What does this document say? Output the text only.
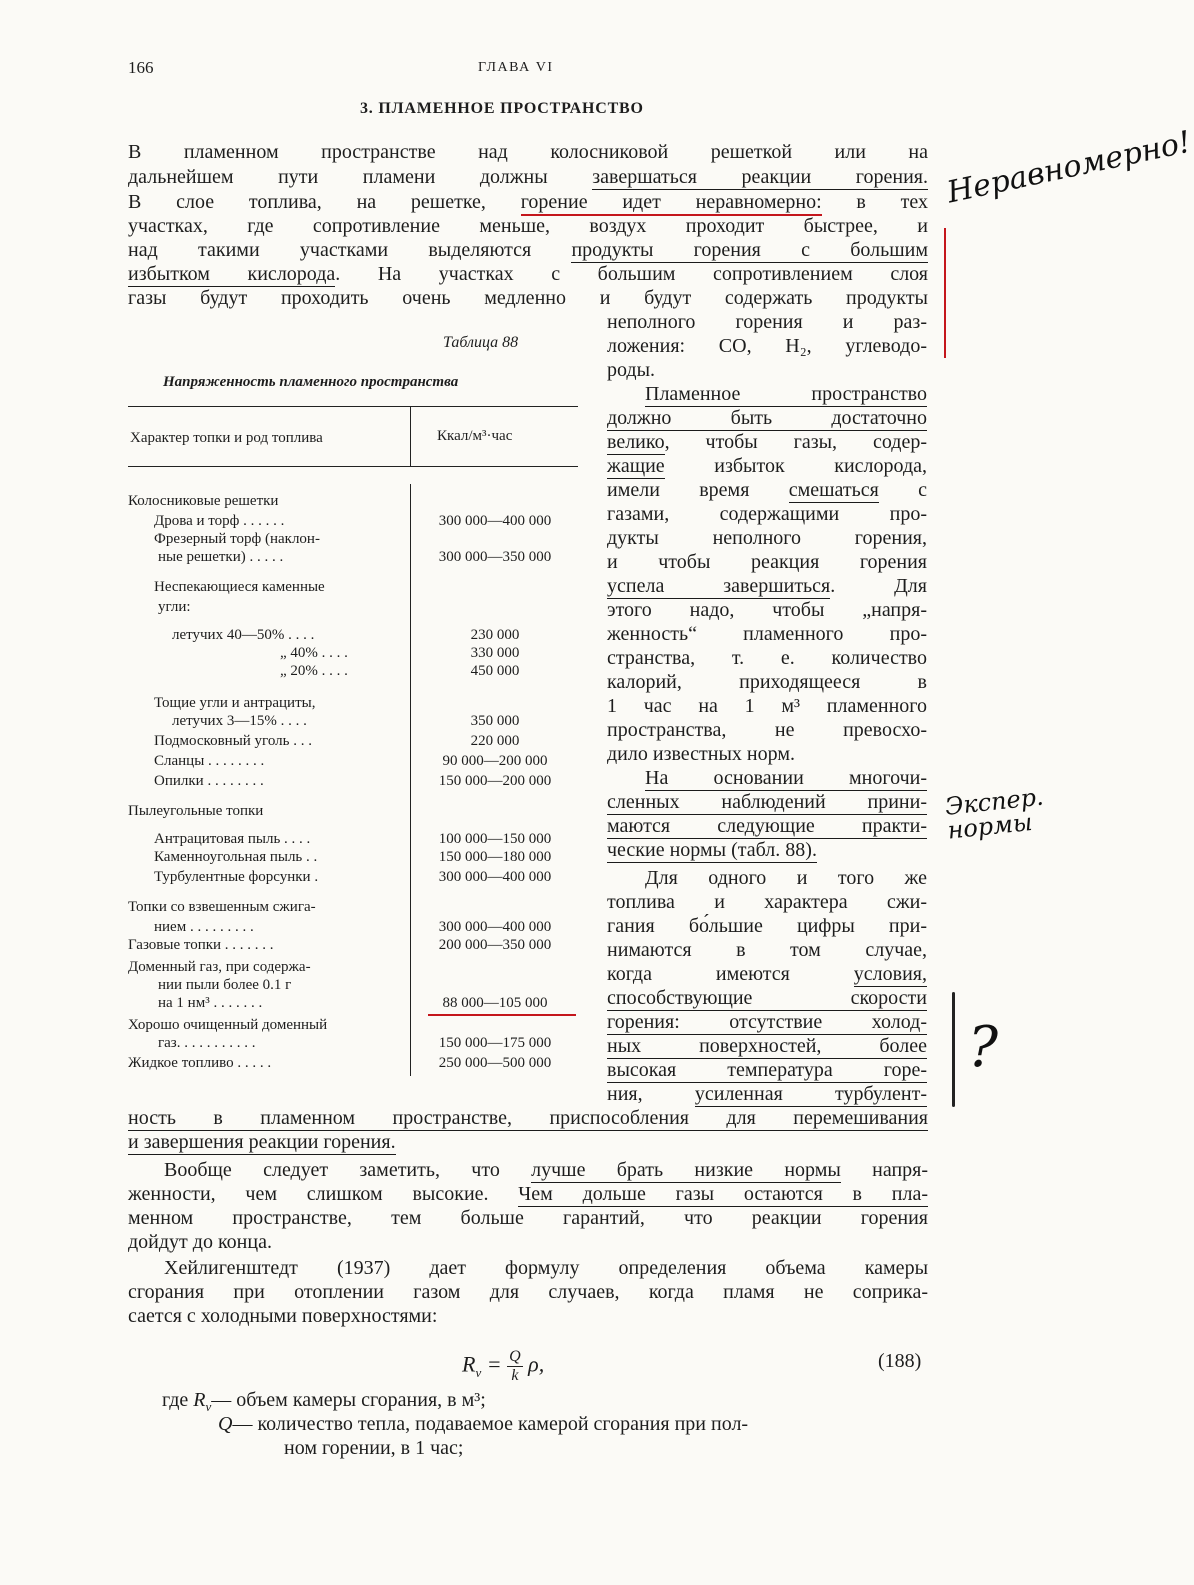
166	ГЛАВА VI
3. ПЛАМЕННОЕ ПРОСТРАНСТВО
В пламенном пространстве над колосниковой решеткой или на
дальнейшем пути пламени должны завершаться реакции горения.
В слое топлива, на решетке, горение идет неравномерно: в тех
участках, где сопротивление меньше, воздух проходит быстрее, и
над такими участками выделяются продукты горения с большим
избытком кислорода. На участках с большим сопротивлением слоя
газы будут проходить очень медленно и будут содержать продукты
неполного горения и раз-
ложения: CO, H₂, углеводо-
роды.
Пламенное пространство
должно быть достаточно
велико, чтобы газы, содер-
жащие избыток кислорода,
имели время смешаться с
газами, содержащими про-
дукты неполного горения,
и чтобы реакция горения
успела завершиться. Для
этого надо, чтобы „напря-
женность“ пламенного про-
странства, т. е. количество
калорий, приходящееся в
1 час на 1 м³ пламенного
пространства, не превосхо-
дило известных норм.
На основании многочи-
сленных наблюдений прини-
маются следующие практи-
ческие нормы (табл. 88).
Для одного и того же
топлива и характера сжи-
гания бо́льшие цифры при-
нимаются в том случае,
когда имеются условия,
способствующие скорости
горения: отсутствие холод-
ных поверхностей, более
высокая температура горе-
ния, усиленная турбулент-
ность в пламенном пространстве, приспособления для перемешивания
и завершения реакции горения.
Вообще следует заметить, что лучше брать низкие нормы напря-
женности, чем слишком высокие. Чем дольше газы остаются в пла-
менном пространстве, тем больше гарантий, что реакции горения
дойдут до конца.
Хейлигенштедт (1937) дает формулу определения объема камеры
сгорания при отоплении газом для случаев, когда пламя не соприка-
сается с холодными поверхностями:
$R_v = \frac{Q}{k} \rho$,	(188)
где $R_v—$ объем камеры сгорания, в м³;
Q— количество тепла, подаваемое камерой сгорания при пол-
ном горении, в 1 час;
Таблица 88
Напряженность пламенного пространства
Характер топки и род топлива	Ккал/м³·час
Колосниковые решетки
Дрова и торф . . . . . .	300 000—400 000
Фрезерный торф (наклон-
ные решетки) . . . . .	300 000—350 000
Неспекающиеся каменные
угли:
летучих 40—50% . . . .	230 000
„ 40% . . . .	330 000
„ 20% . . . .	450 000
Тощие угли и антрациты,
летучих 3—15% . . . .	350 000
Подмосковный уголь . . .	220 000
Сланцы . . . . . . . .	90 000—200 000
Опилки . . . . . . . .	150 000—200 000
Пылеугольные топки
Антрацитовая пыль . . . .	100 000—150 000
Каменноугольная пыль . .	150 000—180 000
Турбулентные форсунки .	300 000—400 000
Топки со взвешенным сжига-
нием . . . . . . . . .	300 000—400 000
Газовые топки . . . . . . .	200 000—350 000
Доменный газ, при содержа-
нии пыли более 0.1 г
на 1 нм³ . . . . . . .	88 000—105 000
Хорошо очищенный доменный
газ. . . . . . . . . . .	150 000—175 000
Жидкое топливо . . . . .	250 000—500 000
Неравномерно!
Экспер. нормы
?
